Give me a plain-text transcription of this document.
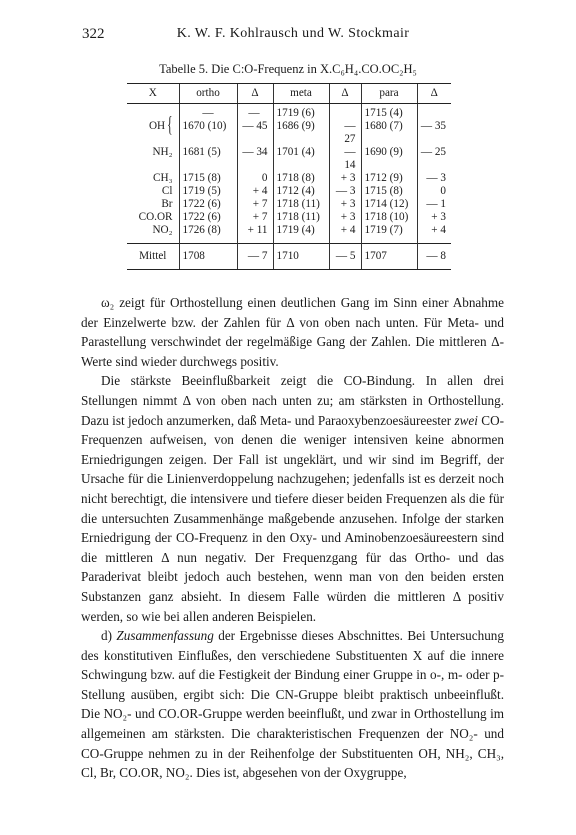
322	K. W. F. Kohlrausch und W. Stockmair
Tabelle 5. Die C:O-Frequenz in X.C₆H₄.CO.OC₂H₅
X	ortho	Δ	meta	Δ	para	Δ
OH {	—	—	1719 (6)		1715 (4)	
	1670 (10)	— 45	1686 (9)	— 27	1680 (7)	— 35
NH₂	1681 (5)	— 34	1701 (4)	— 14	1690 (9)	— 25
CH₃	1715 (8)	0	1718 (8)	+ 3	1712 (9)	— 3
Cl	1719 (5)	+ 4	1712 (4)	— 3	1715 (8)	0
Br	1722 (6)	+ 7	1718 (11)	+ 3	1714 (12)	— 1
CO.OR	1722 (6)	+ 7	1718 (11)	+ 3	1718 (10)	+ 3
NO₂	1726 (8)	+ 11	1719 (4)	+ 4	1719 (7)	+ 4
Mittel	1708	— 7	1710	— 5	1707	— 8

ω₂ zeigt für Orthostellung einen deutlichen Gang im Sinn einer Abnahme der Einzelwerte bzw. der Zahlen für Δ von oben nach unten. Für Meta- und Parastellung verschwindet der regelmäßige Gang der Zahlen. Die mittleren Δ-Werte sind wieder durchwegs positiv.

Die stärkste Beeinflußbarkeit zeigt die CO-Bindung. In allen drei Stellungen nimmt Δ von oben nach unten zu; am stärksten in Orthostellung. Dazu ist jedoch anzumerken, daß Meta- und Paraoxybenzoesäureester zwei CO-Frequenzen aufweisen, von denen die weniger intensiven keine abnormen Erniedrigungen zeigen. Der Fall ist ungeklärt, und wir sind im Begriff, der Ursache für die Linienverdoppelung nachzugehen; jedenfalls ist es derzeit noch nicht berechtigt, die intensivere und tiefere dieser beiden Frequenzen als die für die untersuchten Zusammenhänge maßgebende anzusehen. Infolge der starken Erniedrigung der CO-Frequenz in den Oxy- und Aminobenzoesäureestern sind die mittleren Δ nun negativ. Der Frequenzgang für das Ortho- und das Paraderivat bleibt jedoch auch bestehen, wenn man von den beiden ersten Substanzen ganz absieht. In diesem Falle würden die mittleren Δ positiv werden, so wie bei allen anderen Beispielen.

d) Zusammenfassung der Ergebnisse dieses Abschnittes. Bei Untersuchung des konstitutiven Einflußes, den verschiedene Substituenten X auf die innere Schwingung bzw. auf die Festigkeit der Bindung einer Gruppe in o-, m- oder p-Stellung ausüben, ergibt sich: Die CN-Gruppe bleibt praktisch unbeeinflußt. Die NO₂- und CO.OR-Gruppe werden beeinflußt, und zwar in Orthostellung im allgemeinen am stärksten. Die charakteristischen Frequenzen der NO₂- und CO-Gruppe nehmen zu in der Reihenfolge der Substituenten OH, NH₂, CH₃, Cl, Br, CO.OR, NO₂. Dies ist, abgesehen von der Oxygruppe,
